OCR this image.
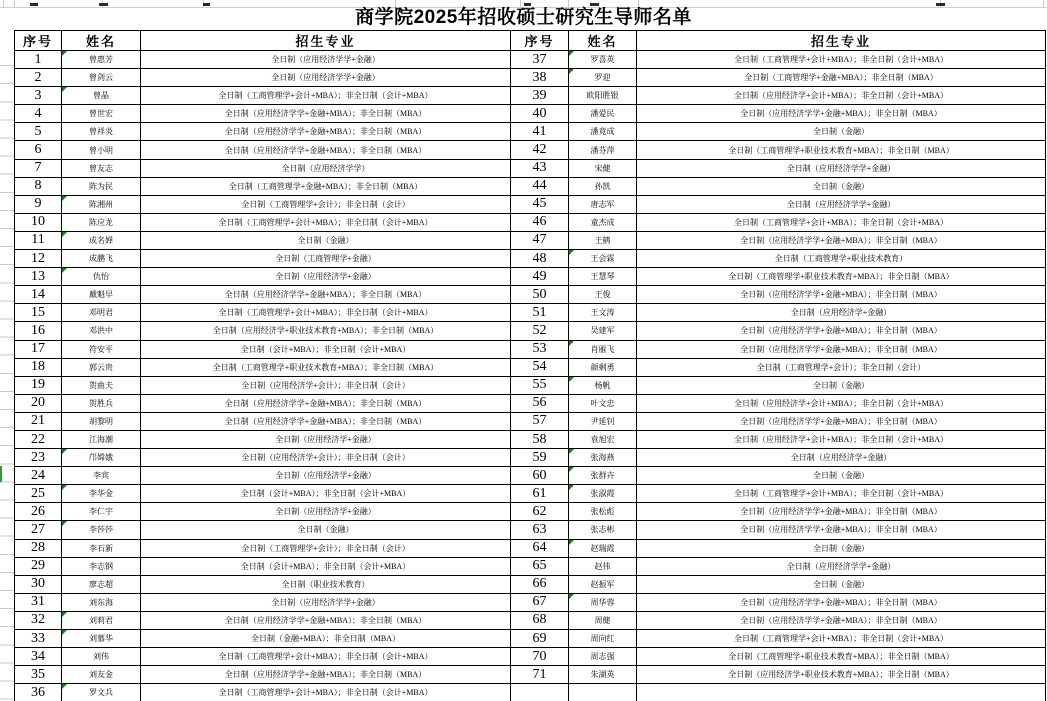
商学院2025年招收硕士研究生导师名单
序号	姓名	招生专业	序号	姓名	招生专业
1	曾惠芳	全日制（应用经济学学+金融）	37	罗喜英	全日制（工商管理学+会计+MBA）；非全日制（会计+MBA）
2	曾剑云	全日制（应用经济学学+金融）	38	罗迎	全日制（工商管理学+金融+MBA）；非全日制（MBA）
3	曾晶	全日制（工商管理学+会计+MBA）；非全日制（会计+MBA）	39	欧阳胜银	全日制（应用经济学+会计+MBA）；非全日制（会计+MBA）
4	曾世宏	全日制（应用经济学学+金融+MBA）；非全日制（MBA）	40	潘爱民	全日制（应用经济学学+金融+MBA）；非全日制（MBA）
5	曾祥炎	全日制（应用经济学学+金融+MBA）；非全日制（MBA）	41	潘竟成	全日制（金融）
6	曾小明	全日制（应用经济学学+金融+MBA）；非全日制（MBA）	42	潘芬萍	全日制（工商管理学+职业技术教育+MBA）；非全日制（MBA）
7	曾友志	全日制（应用经济学学）	43	宋健	全日制（应用经济学学+金融）
8	陈为民	全日制（工商管理学+金融+MBA）；非全日制（MBA）	44	孙凯	全日制（金融）
9	陈湘州	全日制（工商管理学+会计）；非全日制（会计）	45	唐志军	全日制（应用经济学学+金融）
10	陈应龙	全日制（工商管理学+会计+MBA）；非全日制（会计+MBA）	46	童杰成	全日制（工商管理学+会计+MBA）；非全日制（会计+MBA）
11	成名婵	全日制（金融）	47	王鹤	全日制（应用经济学学+金融+MBA）；非全日制（MBA）
12	成鹏飞	全日制（工商管理学+金融）	48	王会霖	全日制（工商管理学+职业技术教育）
13	仇怡	全日制（应用经济学+金融）	49	王慧琴	全日制（工商管理学+职业技术教育+MBA）；非全日制（MBA）
14	戴魁早	全日制（应用经济学学+金融+MBA）；非全日制（MBA）	50	王俊	全日制（应用经济学学+金融+MBA）；非全日制（MBA）
15	邓明君	全日制（工商管理学+会计+MBA）；非全日制（会计+MBA）	51	王文涛	全日制（应用经济学+金融）
16	邓洪中	全日制（应用经济学+职业技术教育+MBA）；非全日制（MBA）	52	吴建军	全日制（应用经济学学+金融+MBA）；非全日制（MBA）
17	符安平	全日制（会计+MBA）；非全日制（会计+MBA）	53	肖雁飞	全日制（应用经济学学+金融+MBA）；非全日制（MBA）
18	郭云贵	全日制（工商管理学+职业技术教育+MBA）；非全日制（MBA）	54	颜剩勇	全日制（工商管理学+会计）；非全日制（会计）
19	贺曲夫	全日制（应用经济学+会计）；非全日制（会计）	55	杨帆	全日制（金融）
20	贺胜兵	全日制（应用经济学学+金融+MBA）；非全日制（MBA）	56	叶文忠	全日制（应用经济学+会计+MBA）；非全日制（会计+MBA）
21	胡黎明	全日制（应用经济学学+金融+MBA）；非全日制（MBA）	57	尹延钊	全日制（应用经济学学+金融+MBA）；非全日制（MBA）
22	江海潮	全日制（应用经济学+金融）	58	袁旭宏	全日制（应用经济学+会计+MBA）；非全日制（会计+MBA）
23	邝嫦娥	全日制（应用经济学+会计）；非全日制（会计）	59	张海燕	全日制（应用经济学+金融）
24	李宾	全日制（应用经济学+金融）	60	张群卉	全日制（金融）
25	李华金	全日制（会计+MBA）；非全日制（会计+MBA）	61	张淑霞	全日制（工商管理学+会计+MBA）；非全日制（会计+MBA）
26	李仁宇	全日制（应用经济学+金融）	62	张松彪	全日制（应用经济学学+金融+MBA）；非全日制（MBA）
27	李莎莎	全日制（金融）	63	张志彬	全日制（应用经济学学+金融+MBA）；非全日制（MBA）
28	李石新	全日制（工商管理学+会计）；非全日制（会计）	64	赵瑞霞	全日制（金融）
29	李志钢	全日制（会计+MBA）；非全日制（会计+MBA）	65	赵伟	全日制（应用经济学学+金融）
30	廖志超	全日制（职业技术教育）	66	赵振军	全日制（金融）
31	刘东海	全日制（应用经济学学+金融）	67	周华蓉	全日制（应用经济学学+金融+MBA）；非全日制（MBA）
32	刘莉君	全日制（应用经济学学+金融+MBA）；非全日制（MBA）	68	周健	全日制（应用经济学学+金融+MBA）；非全日制（MBA）
33	刘慕华	全日制（金融+MBA）；非全日制（MBA）	69	周向红	全日制（工商管理学+会计+MBA）；非全日制（会计+MBA）
34	刘伟	全日制（工商管理学+会计+MBA）；非全日制（会计+MBA）	70	周志强	全日制（工商管理学+职业技术教育+MBA）；非全日制（MBA）
35	刘友金	全日制（应用经济学学+金融+MBA）；非全日制（MBA）	71	朱湖英	全日制（应用经济学+职业技术教育+MBA）；非全日制（MBA）
36	罗文兵	全日制（工商管理学+会计+MBA）；非全日制（会计+MBA）			
